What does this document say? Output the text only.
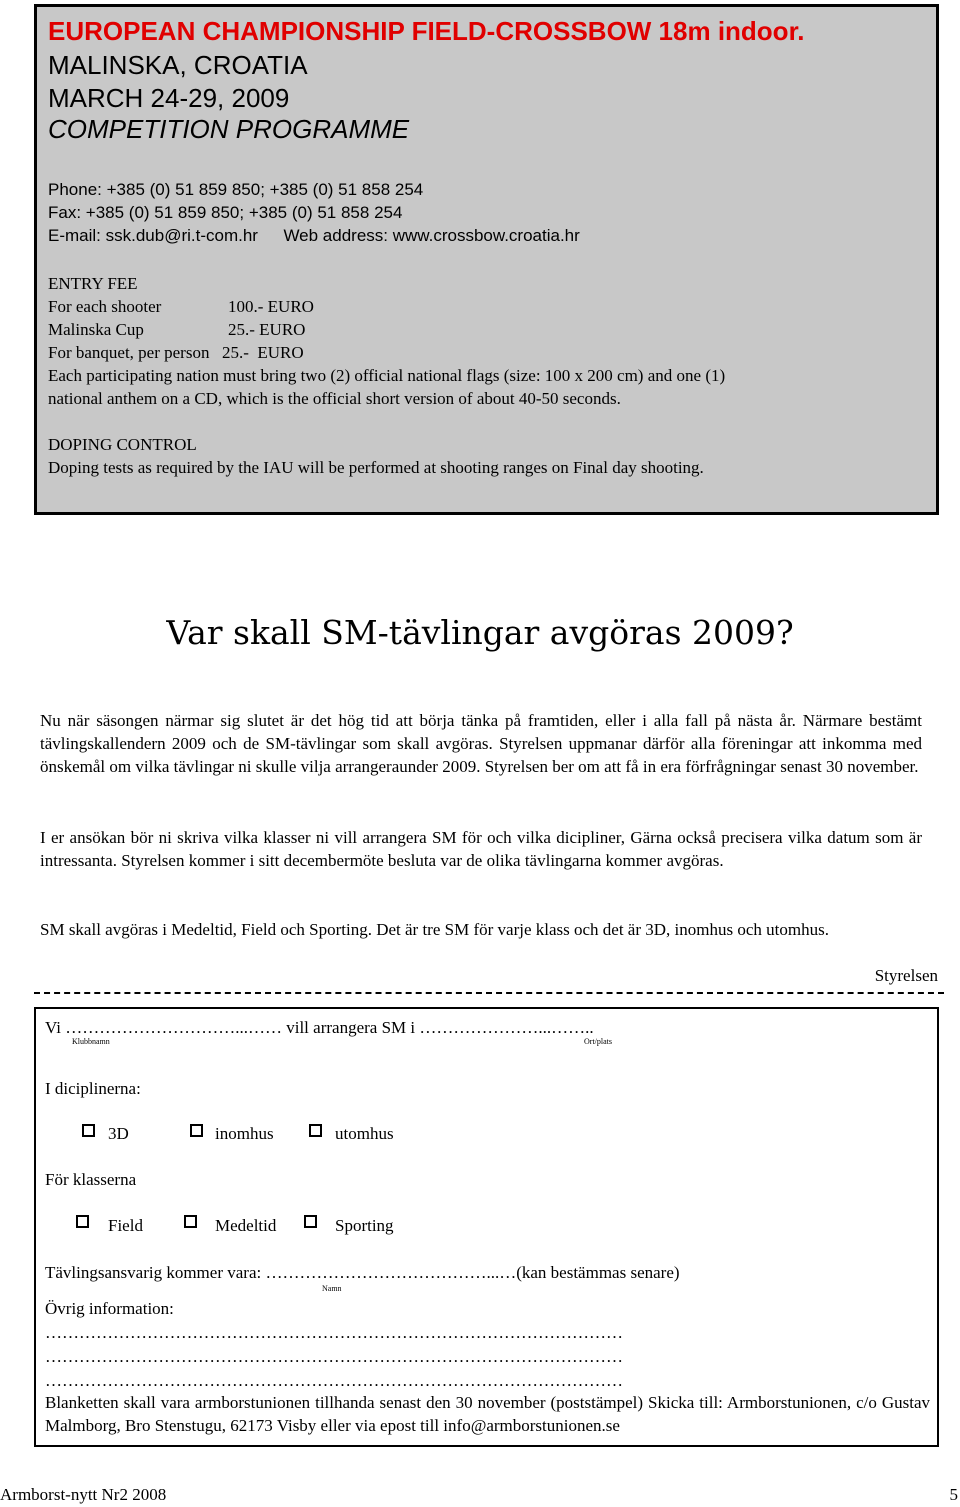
EUROPEAN CHAMPIONSHIP FIELD-CROSSBOW 18m indoor.
MALINSKA, CROATIA
MARCH 24-29, 2009
COMPETITION PROGRAMME
Phone: +385 (0) 51 859 850; +385 (0) 51 858 254
Fax: +385 (0) 51 859 850; +385 (0) 51 858 254
E-mail: ssk.dub@ri.t-com.hr Web address: www.crossbow.croatia.hr
ENTRY FEE
For each shooter	100.- EURO
Malinska Cup	25.- EURO
For banquet, per person 25.-  EURO
Each participating nation must bring two (2) official national flags (size: 100 x 200 cm) and one (1) national anthem on a CD, which is the official short version of about 40-50 seconds.
DOPING CONTROL
Doping tests as required by the IAU will be performed at shooting ranges on Final day shooting.
Var skall SM-tävlingar avgöras 2009?

Nu när säsongen närmar sig slutet är det hög tid att börja tänka på framtiden, eller i alla fall på nästa år. Närmare bestämt tävlingskallendern 2009 och de SM-tävlingar som skall avgöras. Styrelsen uppmanar därför alla föreningar att inkomma med önskemål om vilka tävlingar ni skulle vilja arrangeraunder 2009. Styrelsen ber om att få in era förfrågningar senast 30 november.

I er ansökan bör ni skriva vilka klasser ni vill arrangera SM för och vilka dicipliner, Gärna också precisera vilka datum som är intressanta. Styrelsen kommer i sitt decembermöte besluta var de olika tävlingarna kommer avgöras.

SM skall avgöras i Medeltid, Field och Sporting. Det är tre SM för varje klass och det är 3D, inomhus och utomhus.

Styrelsen
Vi …………………………...…… vill arrangera SM i …………………...……..
Klubbnamn	Ort/plats
I diciplinerna:
3D	inomhus	utomhus
För klasserna
Field	Medeltid	Sporting
Tävlingsansvarig kommer vara: …………………………………...…(kan bestämmas senare)
Namn
Övrig information:
…………………………………………………………………………………………
…………………………………………………………………………………………
…………………………………………………………………………………………
Blanketten skall vara armborstunionen tillhanda senast den 30 november (poststämpel) Skicka till: Armborstunionen, c/o Gustav Malmborg, Bro Stenstugu, 62173 Visby eller via epost till info@armborstunionen.se
Armborst-nytt Nr2 2008	5
